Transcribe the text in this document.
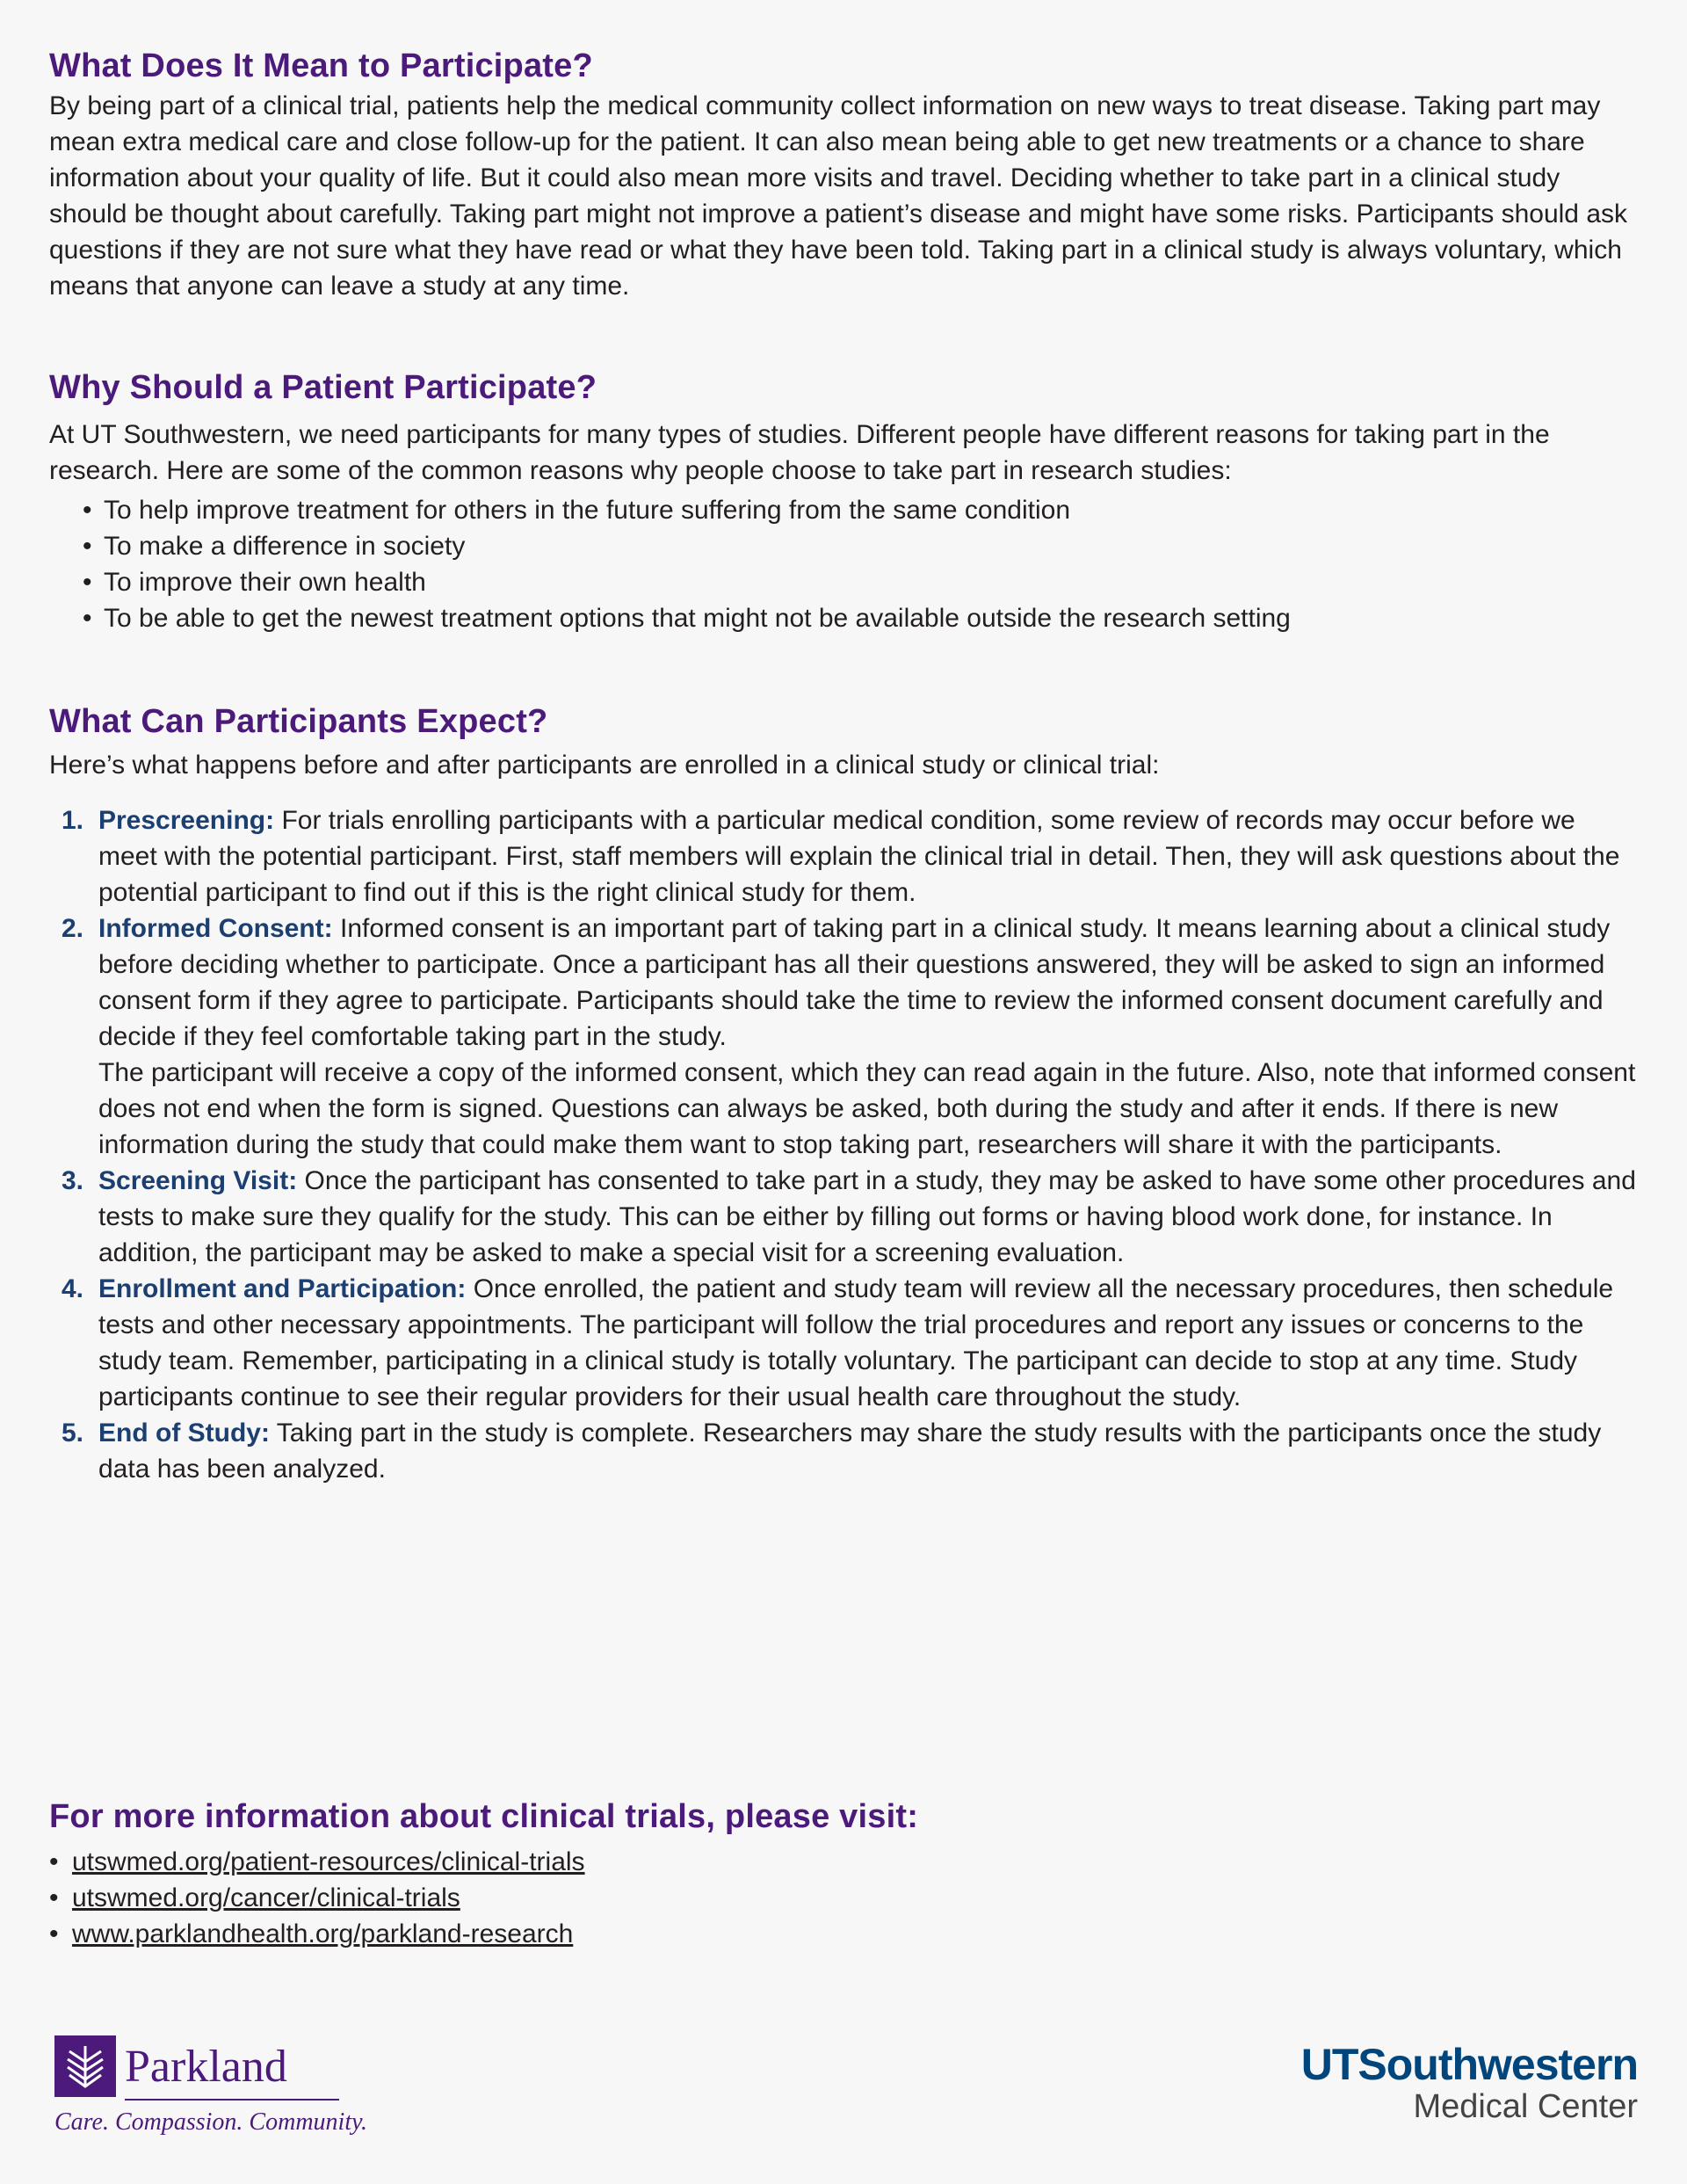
What Does It Mean to Participate?

By being part of a clinical trial, patients help the medical community collect information on new ways to treat disease. Taking part may mean extra medical care and close follow-up for the patient. It can also mean being able to get new treatments or a chance to share information about your quality of life. But it could also mean more visits and travel. Deciding whether to take part in a clinical study should be thought about carefully. Taking part might not improve a patient’s disease and might have some risks. Participants should ask questions if they are not sure what they have read or what they have been told. Taking part in a clinical study is always voluntary, which means that anyone can leave a study at any time.

Why Should a Patient Participate?

At UT Southwestern, we need participants for many types of studies. Different people have different reasons for taking part in the research. Here are some of the common reasons why people choose to take part in research studies:

• To help improve treatment for others in the future suffering from the same condition
• To make a difference in society
• To improve their own health
• To be able to get the newest treatment options that might not be available outside the research setting
What Can Participants Expect?

Here’s what happens before and after participants are enrolled in a clinical study or clinical trial:

1. Prescreening: For trials enrolling participants with a particular medical condition, some review of records may occur before we meet with the potential participant. First, staff members will explain the clinical trial in detail. Then, they will ask questions about the potential participant to find out if this is the right clinical study for them.
2. Informed Consent: Informed consent is an important part of taking part in a clinical study. It means learning about a clinical study before deciding whether to participate. Once a participant has all their questions answered, they will be asked to sign an informed consent form if they agree to participate. Participants should take the time to review the informed consent document carefully and decide if they feel comfortable taking part in the study.
The participant will receive a copy of the informed consent, which they can read again in the future. Also, note that informed consent does not end when the form is signed. Questions can always be asked, both during the study and after it ends. If there is new information during the study that could make them want to stop taking part, researchers will share it with the participants.
3. Screening Visit: Once the participant has consented to take part in a study, they may be asked to have some other procedures and tests to make sure they qualify for the study. This can be either by filling out forms or having blood work done, for instance. In addition, the participant may be asked to make a special visit for a screening evaluation.
4. Enrollment and Participation: Once enrolled, the patient and study team will review all the necessary procedures, then schedule tests and other necessary appointments. The participant will follow the trial procedures and report any issues or concerns to the study team. Remember, participating in a clinical study is totally voluntary. The participant can decide to stop at any time. Study participants continue to see their regular providers for their usual health care throughout the study.
5. End of Study: Taking part in the study is complete. Researchers may share the study results with the participants once the study data has been analyzed.
For more information about clinical trials, please visit:
• utswmed.org/patient-resources/clinical-trials
• utswmed.org/cancer/clinical-trials
• www.parklandhealth.org/parkland-research
Parkland
Care. Compassion. Community.
UTSouthwestern
Medical Center
